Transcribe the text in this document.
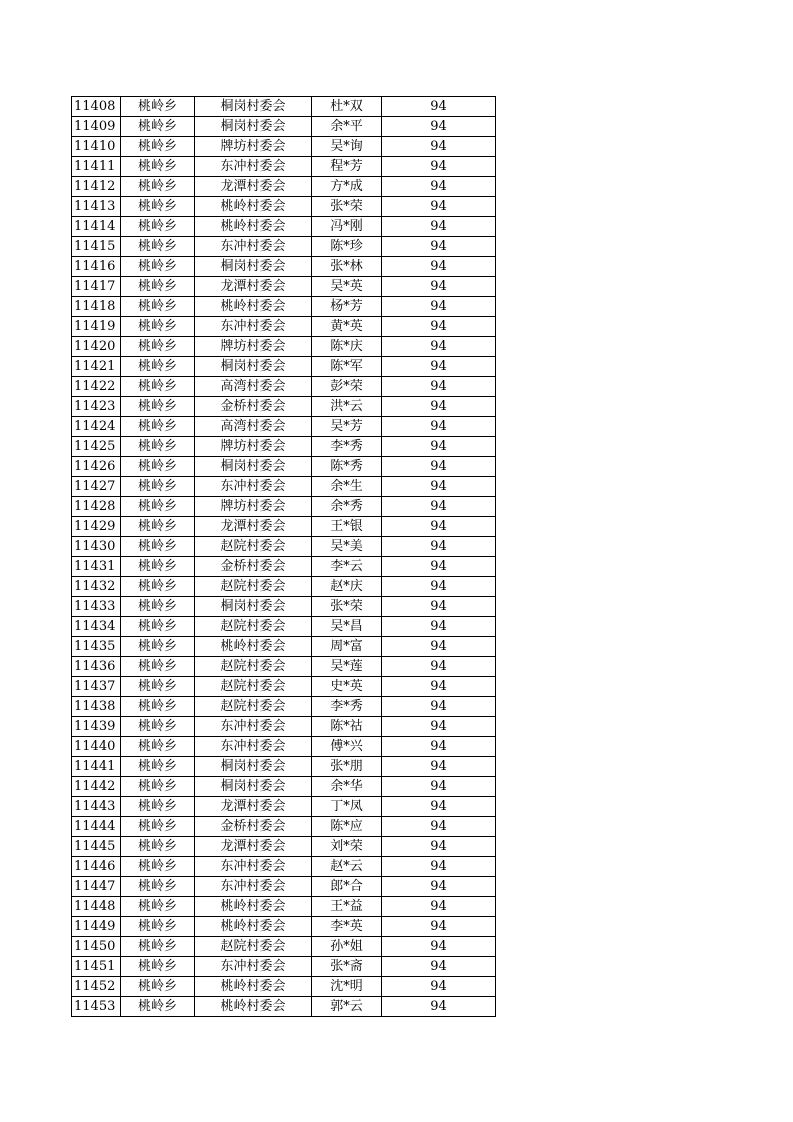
11408	桃岭乡	桐岗村委会	杜*双	94
11409	桃岭乡	桐岗村委会	余*平	94
11410	桃岭乡	牌坊村委会	吴*询	94
11411	桃岭乡	东冲村委会	程*芳	94
11412	桃岭乡	龙潭村委会	方*成	94
11413	桃岭乡	桃岭村委会	张*荣	94
11414	桃岭乡	桃岭村委会	冯*刚	94
11415	桃岭乡	东冲村委会	陈*珍	94
11416	桃岭乡	桐岗村委会	张*林	94
11417	桃岭乡	龙潭村委会	吴*英	94
11418	桃岭乡	桃岭村委会	杨*芳	94
11419	桃岭乡	东冲村委会	黄*英	94
11420	桃岭乡	牌坊村委会	陈*庆	94
11421	桃岭乡	桐岗村委会	陈*军	94
11422	桃岭乡	高湾村委会	彭*荣	94
11423	桃岭乡	金桥村委会	洪*云	94
11424	桃岭乡	高湾村委会	吴*芳	94
11425	桃岭乡	牌坊村委会	李*秀	94
11426	桃岭乡	桐岗村委会	陈*秀	94
11427	桃岭乡	东冲村委会	余*生	94
11428	桃岭乡	牌坊村委会	余*秀	94
11429	桃岭乡	龙潭村委会	王*银	94
11430	桃岭乡	赵院村委会	吴*美	94
11431	桃岭乡	金桥村委会	李*云	94
11432	桃岭乡	赵院村委会	赵*庆	94
11433	桃岭乡	桐岗村委会	张*荣	94
11434	桃岭乡	赵院村委会	吴*昌	94
11435	桃岭乡	桃岭村委会	周*富	94
11436	桃岭乡	赵院村委会	吴*莲	94
11437	桃岭乡	赵院村委会	史*英	94
11438	桃岭乡	赵院村委会	李*秀	94
11439	桃岭乡	东冲村委会	陈*祜	94
11440	桃岭乡	东冲村委会	傅*兴	94
11441	桃岭乡	桐岗村委会	张*朋	94
11442	桃岭乡	桐岗村委会	余*华	94
11443	桃岭乡	龙潭村委会	丁*凤	94
11444	桃岭乡	金桥村委会	陈*应	94
11445	桃岭乡	龙潭村委会	刘*荣	94
11446	桃岭乡	东冲村委会	赵*云	94
11447	桃岭乡	东冲村委会	郎*合	94
11448	桃岭乡	桃岭村委会	王*益	94
11449	桃岭乡	桃岭村委会	李*英	94
11450	桃岭乡	赵院村委会	孙*姐	94
11451	桃岭乡	东冲村委会	张*斋	94
11452	桃岭乡	桃岭村委会	沈*明	94
11453	桃岭乡	桃岭村委会	郭*云	94
